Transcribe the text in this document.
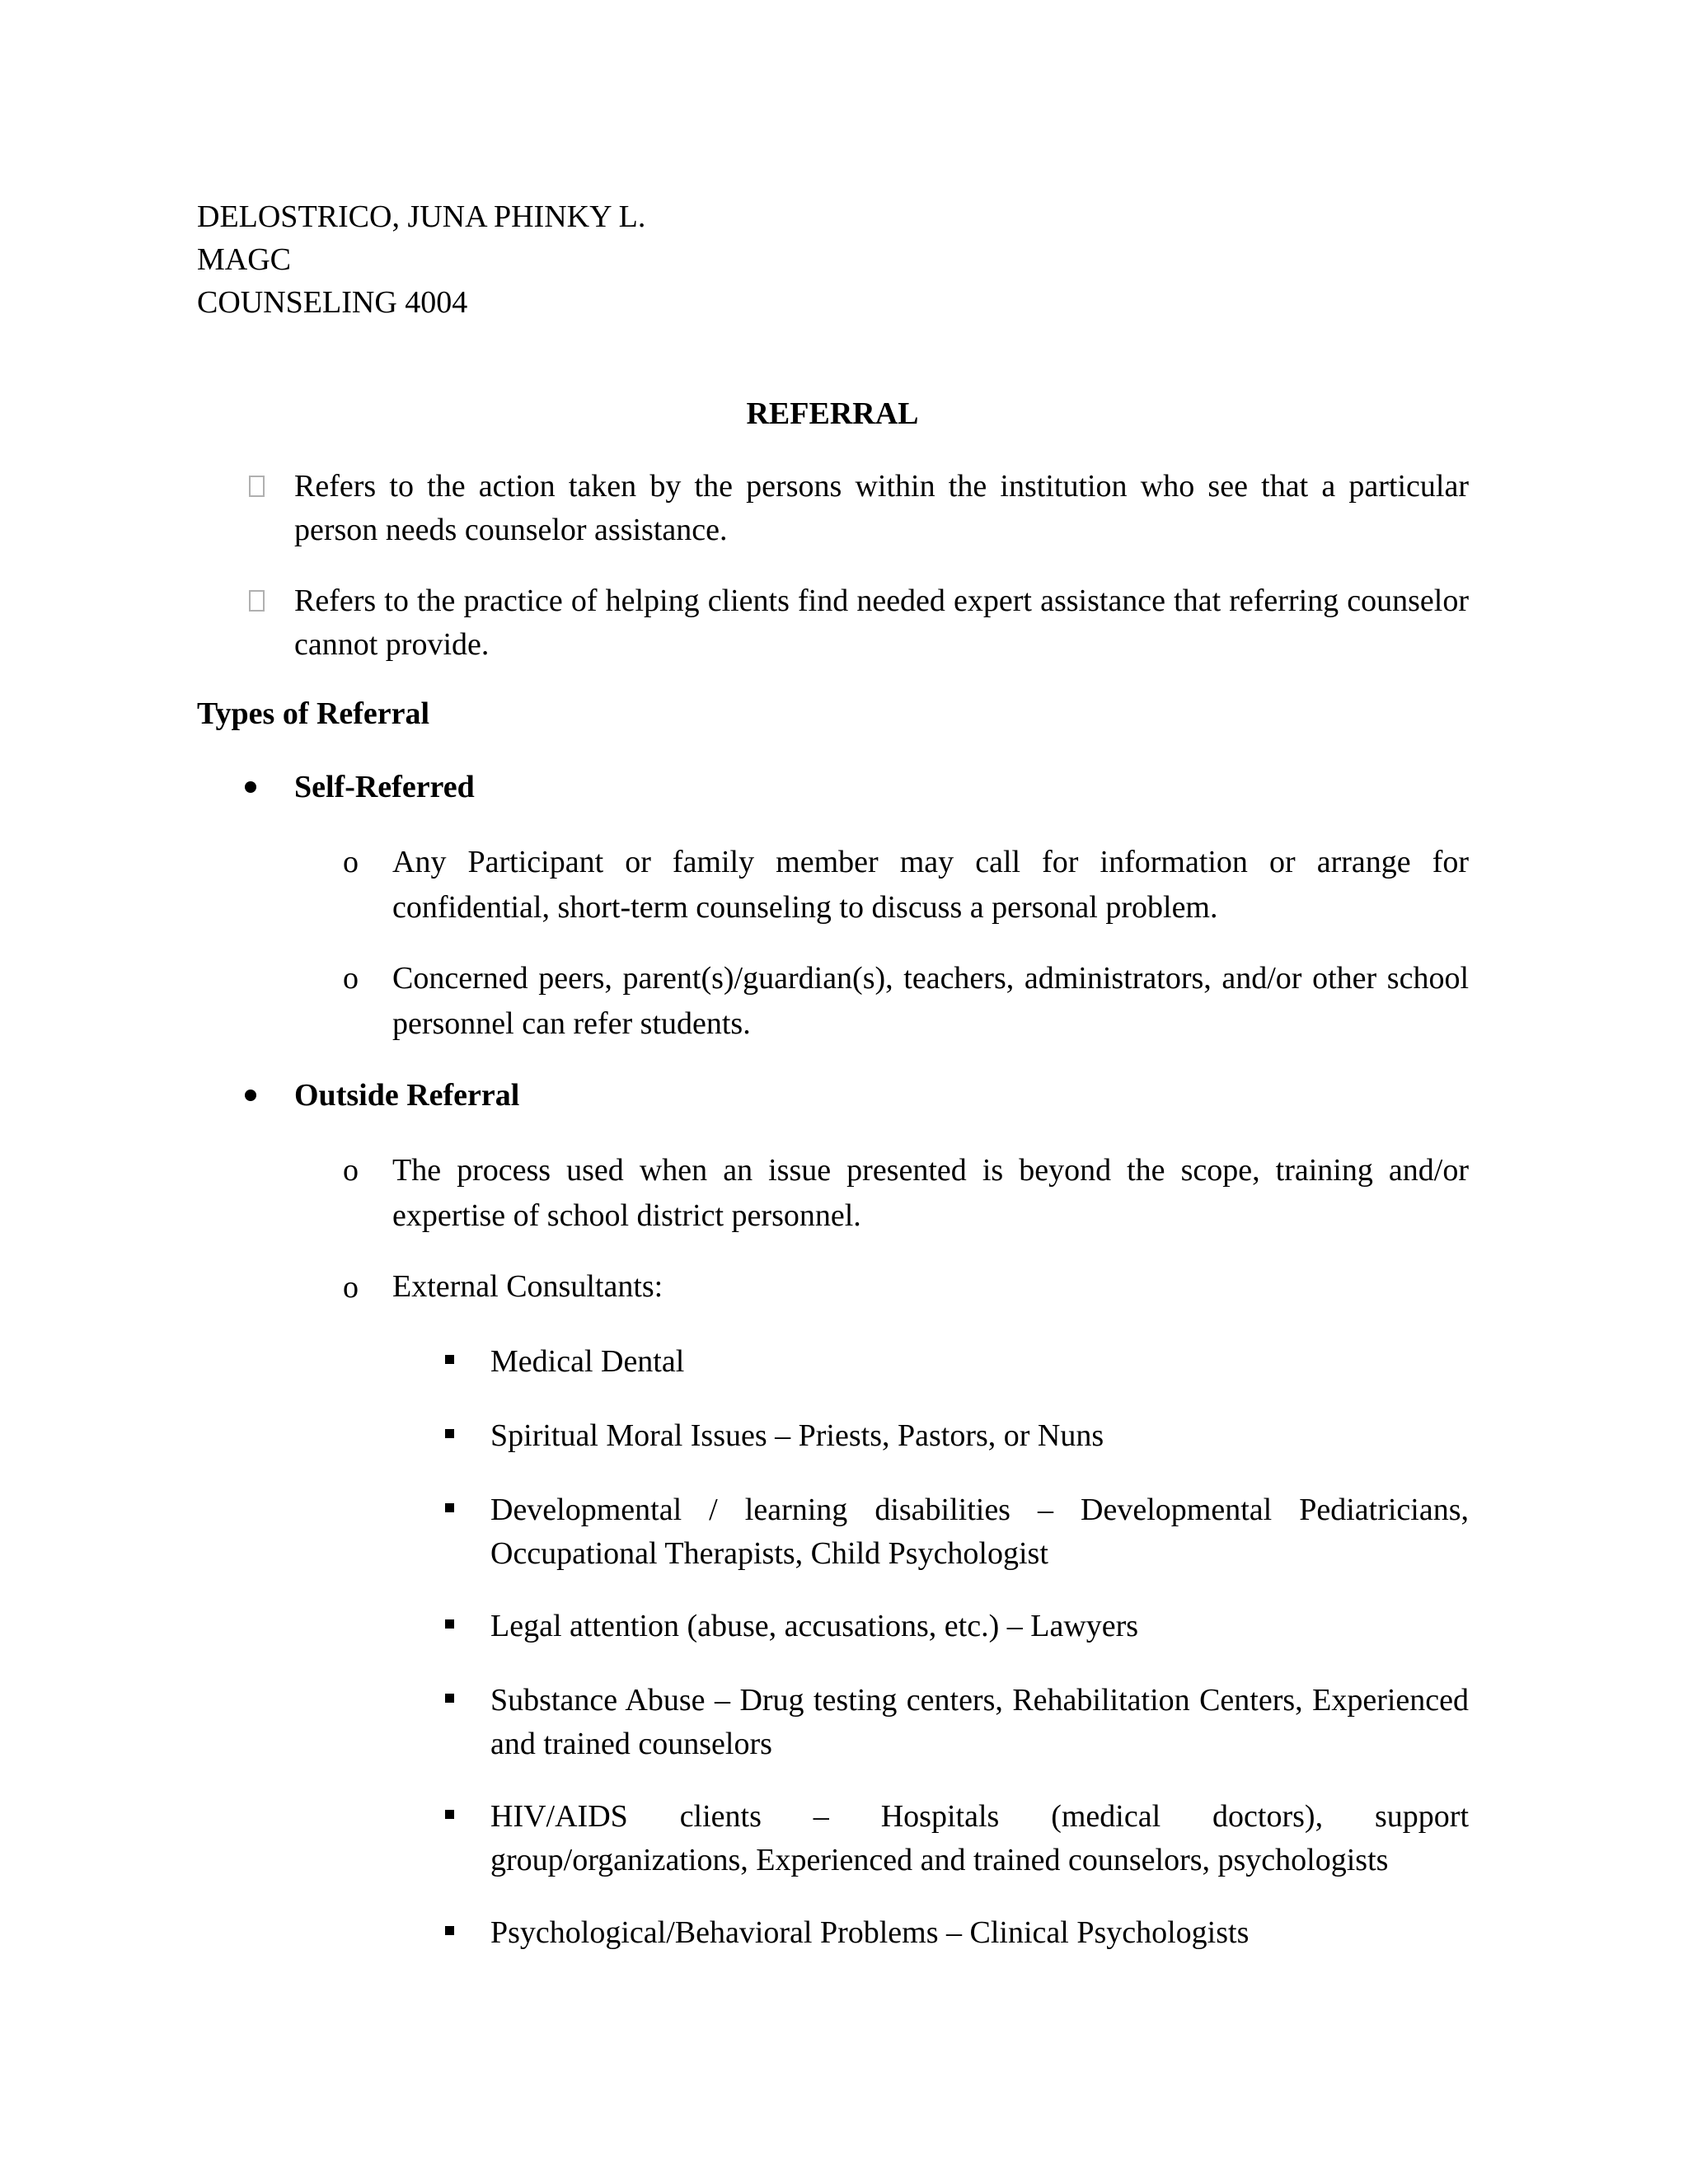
DELOSTRICO, JUNA PHINKY L.
MAGC
COUNSELING 4004
REFERRAL
Refers to the action taken by the persons within the institution who see that a particular person needs counselor assistance.
Refers to the practice of helping clients find needed expert assistance that referring counselor cannot provide.
Types of Referral
Self-Referred
o Any Participant or family member may call for information or arrange for confidential, short-term counseling to discuss a personal problem.
o Concerned peers, parent(s)/guardian(s), teachers, administrators, and/or other school personnel can refer students.
Outside Referral
o The process used when an issue presented is beyond the scope, training and/or expertise of school district personnel.
o External Consultants:
Medical Dental
Spiritual Moral Issues – Priests, Pastors, or Nuns
Developmental / learning disabilities – Developmental Pediatricians, Occupational Therapists, Child Psychologist
Legal attention (abuse, accusations, etc.) – Lawyers
Substance Abuse – Drug testing centers, Rehabilitation Centers, Experienced and trained counselors
HIV/AIDS clients – Hospitals (medical doctors), support group/organizations, Experienced and trained counselors, psychologists
Psychological/Behavioral Problems – Clinical Psychologists
